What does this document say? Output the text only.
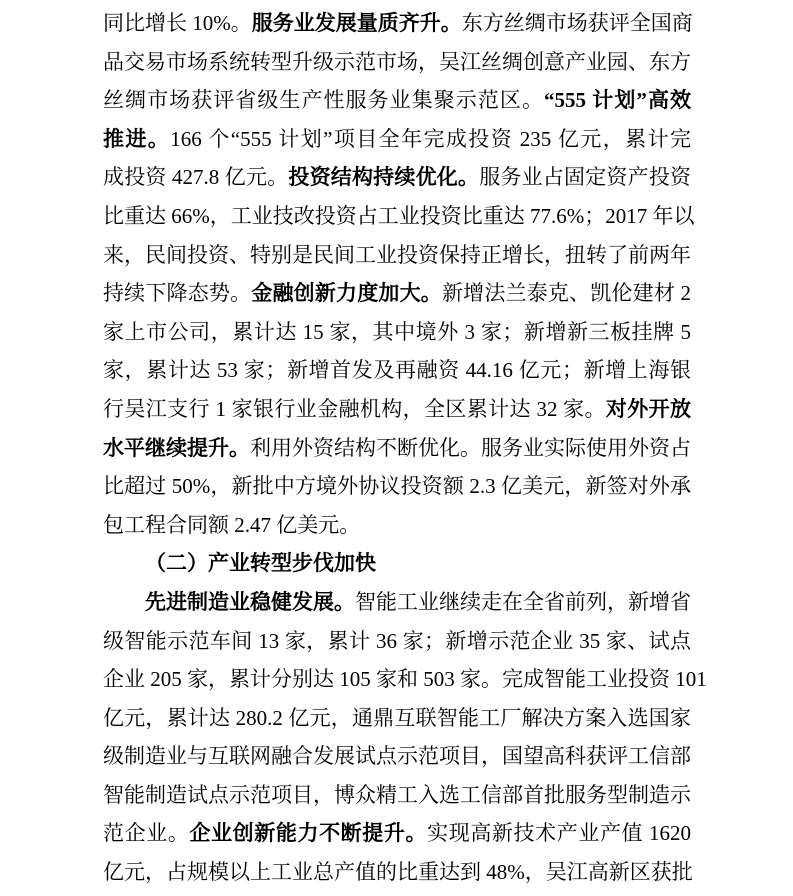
同比增长 10%。服务业发展量质齐升。东方丝绸市场获评全国商
品交易市场系统转型升级示范市场，吴江丝绸创意产业园、东方
丝绸市场获评省级生产性服务业集聚示范区。“555 计划”高效
推进。166 个“555 计划”项目全年完成投资 235 亿元，累计完
成投资 427.8 亿元。投资结构持续优化。服务业占固定资产投资
比重达 66%，工业技改投资占工业投资比重达 77.6%；2017 年以
来，民间投资、特别是民间工业投资保持正增长，扭转了前两年
持续下降态势。金融创新力度加大。新增法兰泰克、凯伦建材 2
家上市公司，累计达 15 家，其中境外 3 家；新增新三板挂牌 5
家，累计达 53 家；新增首发及再融资 44.16 亿元；新增上海银
行吴江支行 1 家银行业金融机构，全区累计达 32 家。对外开放
水平继续提升。利用外资结构不断优化。服务业实际使用外资占
比超过 50%，新批中方境外协议投资额 2.3 亿美元，新签对外承
包工程合同额 2.47 亿美元。
（二）产业转型步伐加快
先进制造业稳健发展。智能工业继续走在全省前列，新增省
级智能示范车间 13 家，累计 36 家；新增示范企业 35 家、试点
企业 205 家，累计分别达 105 家和 503 家。完成智能工业投资 101
亿元，累计达 280.2 亿元，通鼎互联智能工厂解决方案入选国家
级制造业与互联网融合发展试点示范项目，国望高科获评工信部
智能制造试点示范项目，博众精工入选工信部首批服务型制造示
范企业。企业创新能力不断提升。实现高新技术产业产值 1620
亿元，占规模以上工业总产值的比重达到 48%，吴江高新区获批
